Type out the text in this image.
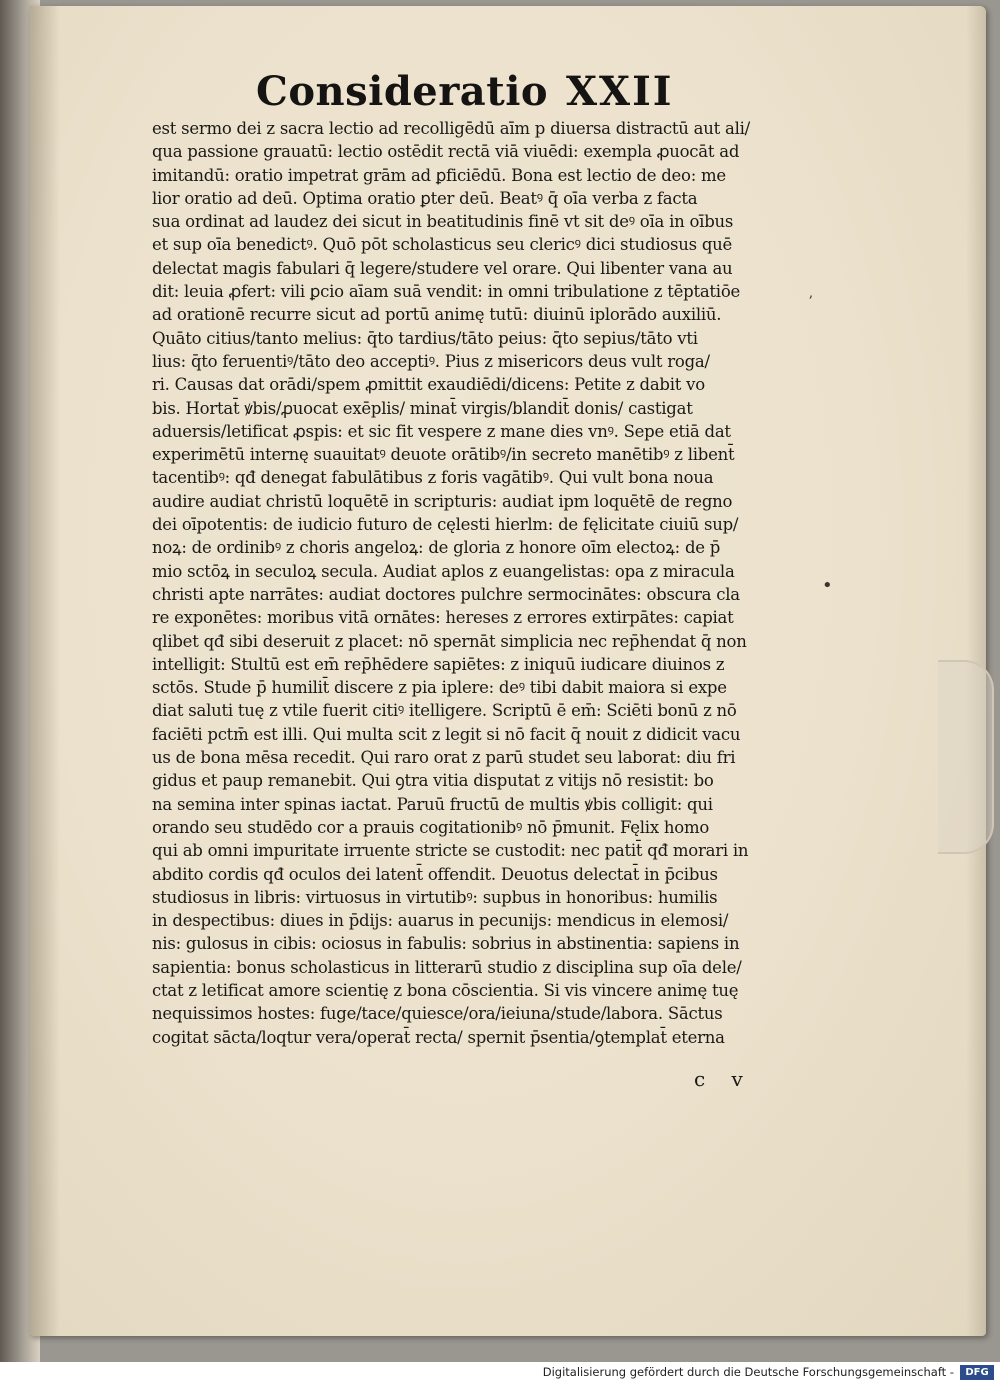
Consideratio XXII
est sermo dei z sacra lectio ad recolligēdū aīm p diuersa distractū aut ali/
qua passione grauatū: lectio ostēdit rectā viā viuēdi: exempla ꝓuocāt ad
imitandū: oratio impetrat grām ad ꝑficiēdū. Bona est lectio de deo: me
lior oratio ad deū. Optima oratio ꝑter deū. Beatꝰ q̄ oīa verba z facta
sua ordinat ad laudez dei sicut in beatitudinis finē vt sit deꝰ oīa in oībus
et sup oīa benedictꝰ. Quō pōt scholasticus seu clericꝰ dici studiosus quē
delectat magis fabulari q̄ legere/studere vel orare. Qui libenter vana au
dit: leuia ꝓfert: vili ꝑcio aīam suā vendit: in omni tribulatione z tēptatiōe
ad orationē recurre sicut ad portū animę tutū: diuinū iplorādo auxiliū.
Quāto citius/tanto melius: q̄to tardius/tāto peius: q̄to sepius/tāto vti
lius: q̄to feruentiꝰ/tāto deo acceptiꝰ. Pius z misericors deus vult roga/
ri. Causas dat orādi/spem ꝓmittit exaudiēdi/dicens: Petite z dabit vo
bis. Hortat̄ ꝟbis/ꝓuocat exēplis/ minat̄ virgis/blandit̄ donis/ castigat
aduersis/letificat ꝓspis: et sic fit vespere z mane dies vnꝰ. Sepe etiā dat
experimētū internę suauitatꝰ deuote orātibꝰ/in secreto manētibꝰ z libent̄
tacentibꝰ: qđ denegat fabulātibus z foris vagātibꝰ. Qui vult bona noua
audire audiat christū loquētē in scripturis: audiat ipm loquētē de regno
dei oīpotentis: de iudicio futuro de cęlesti hierlm: de fęlicitate ciuiū sup/
noꝝ: de ordinibꝰ z choris angeloꝝ: de gloria z honore oīm electoꝝ: de p̄
mio sctōꝝ in seculoꝝ secula. Audiat aplos z euangelistas: opa z miracula
christi apte narrātes: audiat doctores pulchre sermocinātes: obscura cla
re exponētes: moribus vitā ornātes: hereses z errores extirpātes: capiat
qlibet qđ sibi deseruit z placet: nō spernāt simplicia nec rep̄hendat q̄ non
intelligit: Stultū est em̄ rep̄hēdere sapiētes: z iniquū iudicare diuinos z
sctōs. Stude p̄ humilit̄ discere z pia iplere: deꝰ tibi dabit maiora si expe
diat saluti tuę z vtile fuerit citiꝰ itelligere. Scriptū ē em̄: Sciēti bonū z nō
faciēti pctm̄ est illi. Qui multa scit z legit si nō facit q̄ nouit z didicit vacu
us de bona mēsa recedit. Qui raro orat z parū studet seu laborat: diu fri
gidus et paup remanebit. Qui ꝯtra vitia disputat z vitijs nō resistit: bo
na semina inter spinas iactat. Paruū fructū de multis ꝟbis colligit: qui
orando seu studēdo cor a prauis cogitationibꝰ nō p̄munit. Fęlix homo
qui ab omni impuritate irruente stricte se custodit: nec patit̄ qđ morari in
abdito cordis qđ oculos dei latent̄ offendit. Deuotus delectat̄ in p̄cibus
studiosus in libris: virtuosus in virtutibꝰ: supbus in honoribus: humilis
in despectibus: diues in p̄dijs: auarus in pecunijs: mendicus in elemosi/
nis: gulosus in cibis: ociosus in fabulis: sobrius in abstinentia: sapiens in
sapientia: bonus scholasticus in litterarū studio z disciplina sup oīa dele/
ctat z letificat amore scientię z bona cōscientia. Si vis vincere animę tuę
nequissimos hostes: fuge/tace/quiesce/ora/ieiuna/stude/labora. Sāctus
cogitat sācta/loqtur vera/operat̄ recta/ spernit p̄sentia/ꝯtemplat̄ eterna
ʼ
•
c v
Digitalisierung gefördert durch die Deutsche Forschungsgemeinschaft -	DFG
